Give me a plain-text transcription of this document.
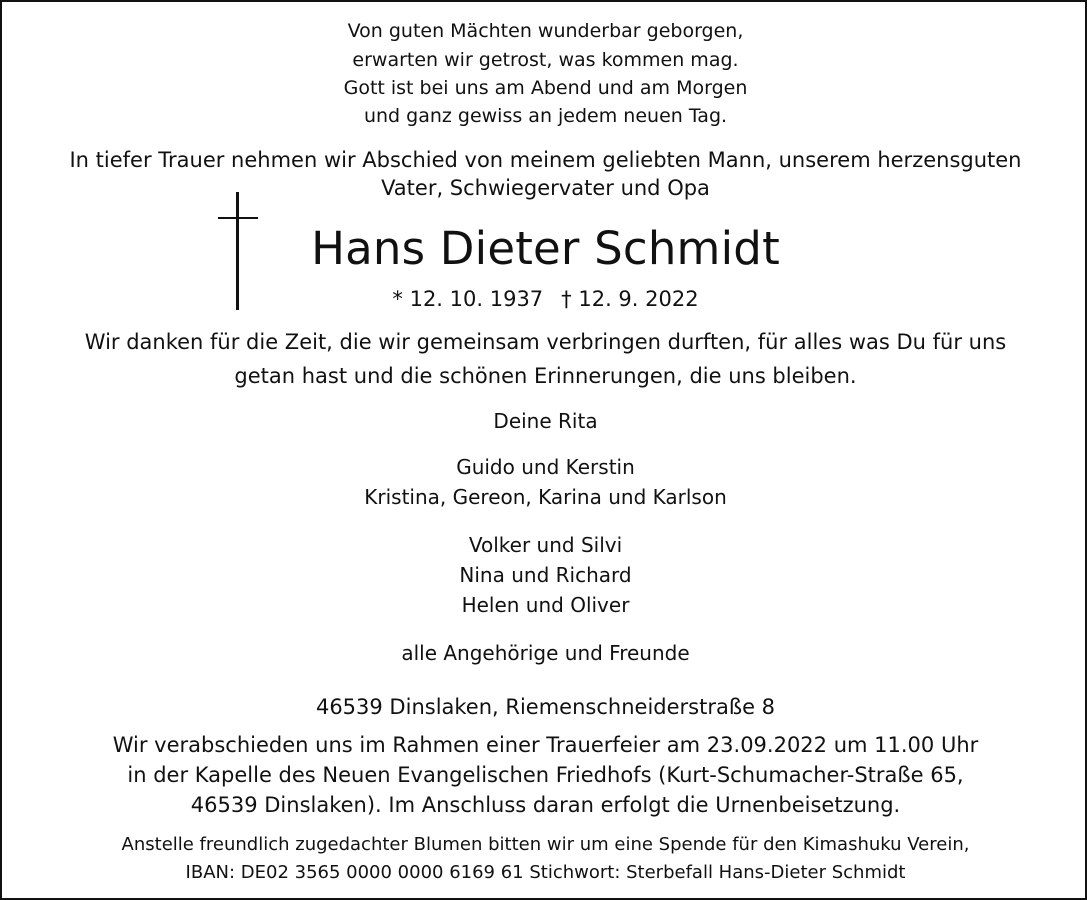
Von guten Mächten wunderbar geborgen,
erwarten wir getrost, was kommen mag.
Gott ist bei uns am Abend und am Morgen
und ganz gewiss an jedem neuen Tag.
In tiefer Trauer nehmen wir Abschied von meinem geliebten Mann, unserem herzensguten
Vater, Schwiegervater und Opa
Hans Dieter Schmidt
* 12. 10. 1937 † 12. 9. 2022
Wir danken für die Zeit, die wir gemeinsam verbringen durften, für alles was Du für uns
getan hast und die schönen Erinnerungen, die uns bleiben.
Deine Rita
Guido und Kerstin
Kristina, Gereon, Karina und Karlson
Volker und Silvi
Nina und Richard
Helen und Oliver
alle Angehörige und Freunde
46539 Dinslaken, Riemenschneiderstraße 8
Wir verabschieden uns im Rahmen einer Trauerfeier am 23.09.2022 um 11.00 Uhr
in der Kapelle des Neuen Evangelischen Friedhofs (Kurt-Schumacher-Straße 65,
46539 Dinslaken). Im Anschluss daran erfolgt die Urnenbeisetzung.
Anstelle freundlich zugedachter Blumen bitten wir um eine Spende für den Kimashuku Verein,
IBAN: DE02 3565 0000 0000 6169 61 Stichwort: Sterbefall Hans-Dieter Schmidt
